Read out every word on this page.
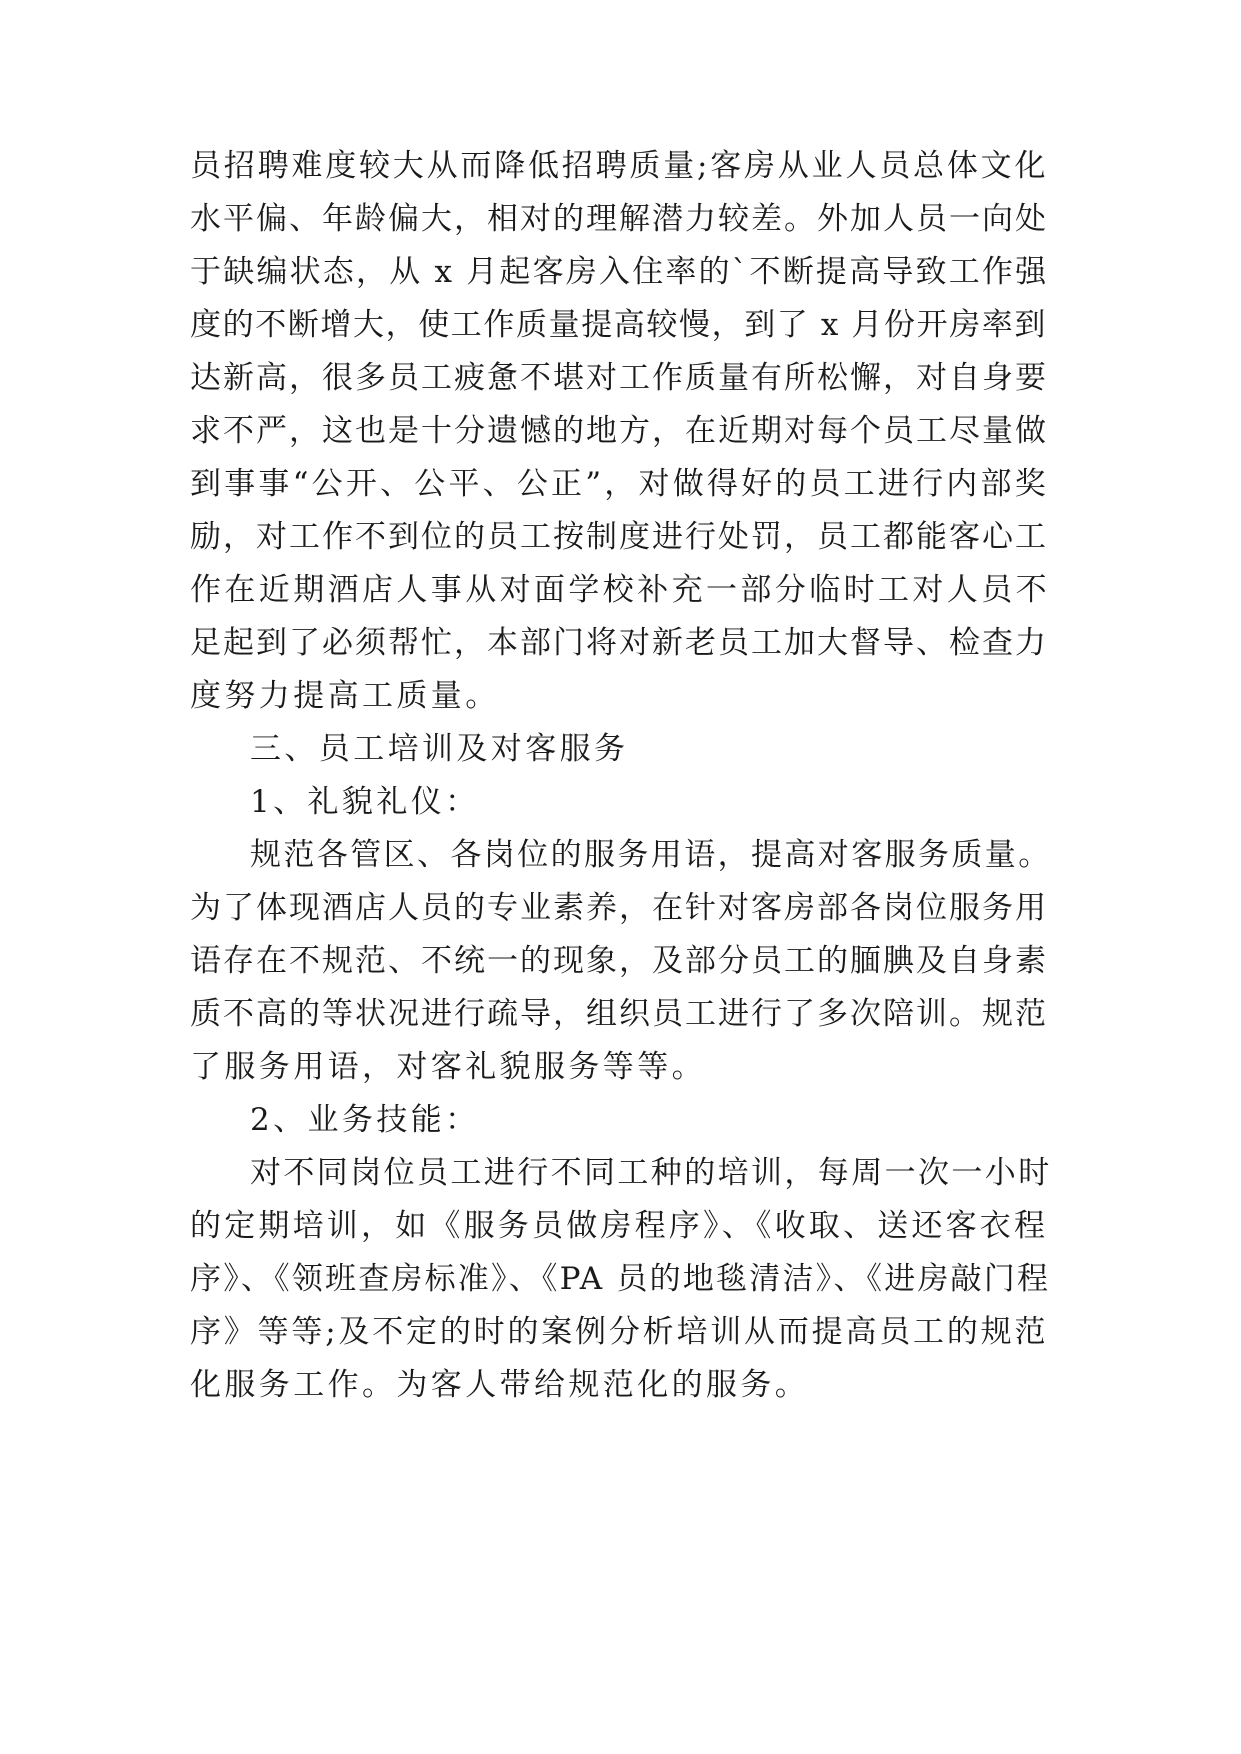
员招聘难度较大从而降低招聘质量;客房从业人员总体文化

水平偏、年龄偏大，相对的理解潜力较差。外加人员一向处

于缺编状态，从 x 月起客房入住率的`不断提高导致工作强

度的不断增大，使工作质量提高较慢，到了 x 月份开房率到

达新高，很多员工疲惫不堪对工作质量有所松懈，对自身要

求不严，这也是十分遗憾的地方，在近期对每个员工尽量做

到事事“公开、公平、公正”，对做得好的员工进行内部奖

励，对工作不到位的员工按制度进行处罚，员工都能客心工

作在近期酒店人事从对面学校补充一部分临时工对人员不

足起到了必须帮忙，本部门将对新老员工加大督导、检查力

度努力提高工质量。

三、员工培训及对客服务

1、礼貌礼仪：

规范各管区、各岗位的服务用语，提高对客服务质量。

为了体现酒店人员的专业素养，在针对客房部各岗位服务用

语存在不规范、不统一的现象，及部分员工的腼腆及自身素

质不高的等状况进行疏导，组织员工进行了多次陪训。规范

了服务用语，对客礼貌服务等等。

2、业务技能：

对不同岗位员工进行不同工种的培训，每周一次一小时

的定期培训，如《服务员做房程序》、《收取、送还客衣程

序》、《领班查房标准》、《PA 员的地毯清洁》、《进房敲门程

序》等等;及不定的时的案例分析培训从而提高员工的规范

化服务工作。为客人带给规范化的服务。
